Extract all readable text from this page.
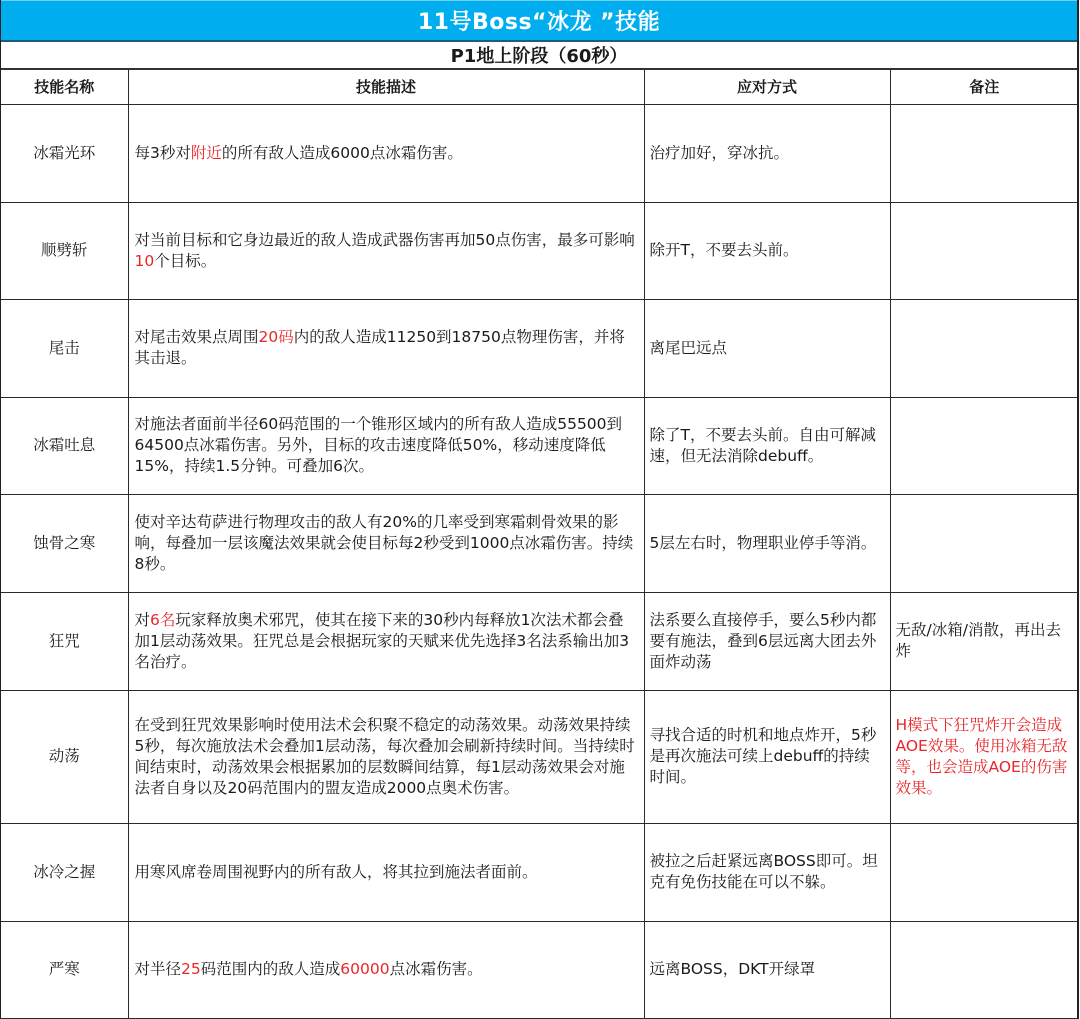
11号Boss“冰龙 ”技能
P1地上阶段（60秒）
技能名称	技能描述	应对方式	备注
冰霜光环	每3秒对附近的所有敌人造成6000点冰霜伤害。	治疗加好，穿冰抗。	
顺劈斩	对当前目标和它身边最近的敌人造成武器伤害再加50点伤害，最多可影响10个目标。	除开T，不要去头前。	
尾击	对尾击效果点周围20码内的敌人造成11250到18750点物理伤害，并将其击退。	离尾巴远点	
冰霜吐息	对施法者面前半径60码范围的一个锥形区域内的所有敌人造成55500到64500点冰霜伤害。另外，目标的攻击速度降低50%，移动速度降低15%，持续1.5分钟。可叠加6次。	除了T，不要去头前。自由可解减速，但无法消除debuff。	
蚀骨之寒	使对辛达苟萨进行物理攻击的敌人有20%的几率受到寒霜刺骨效果的影响，每叠加一层该魔法效果就会使目标每2秒受到1000点冰霜伤害。持续8秒。	5层左右时，物理职业停手等消。	
狂咒	对6名玩家释放奥术邪咒，使其在接下来的30秒内每释放1次法术都会叠加1层动荡效果。狂咒总是会根据玩家的天赋来优先选择3名法系输出加3名治疗。	法系要么直接停手，要么5秒内都要有施法，叠到6层远离大团去外面炸动荡	无敌/冰箱/消散，再出去炸
动荡	在受到狂咒效果影响时使用法术会积聚不稳定的动荡效果。动荡效果持续5秒，每次施放法术会叠加1层动荡，每次叠加会刷新持续时间。当持续时间结束时，动荡效果会根据累加的层数瞬间结算，每1层动荡效果会对施法者自身以及20码范围内的盟友造成2000点奥术伤害。	寻找合适的时机和地点炸开，5秒是再次施法可续上debuff的持续时间。	H模式下狂咒炸开会造成AOE效果。使用冰箱无敌等，也会造成AOE的伤害效果。
冰冷之握	用寒风席卷周围视野内的所有敌人，将其拉到施法者面前。	被拉之后赶紧远离BOSS即可。坦克有免伤技能在可以不躲。	
严寒	对半径25码范围内的敌人造成60000点冰霜伤害。	远离BOSS，DKT开绿罩	
